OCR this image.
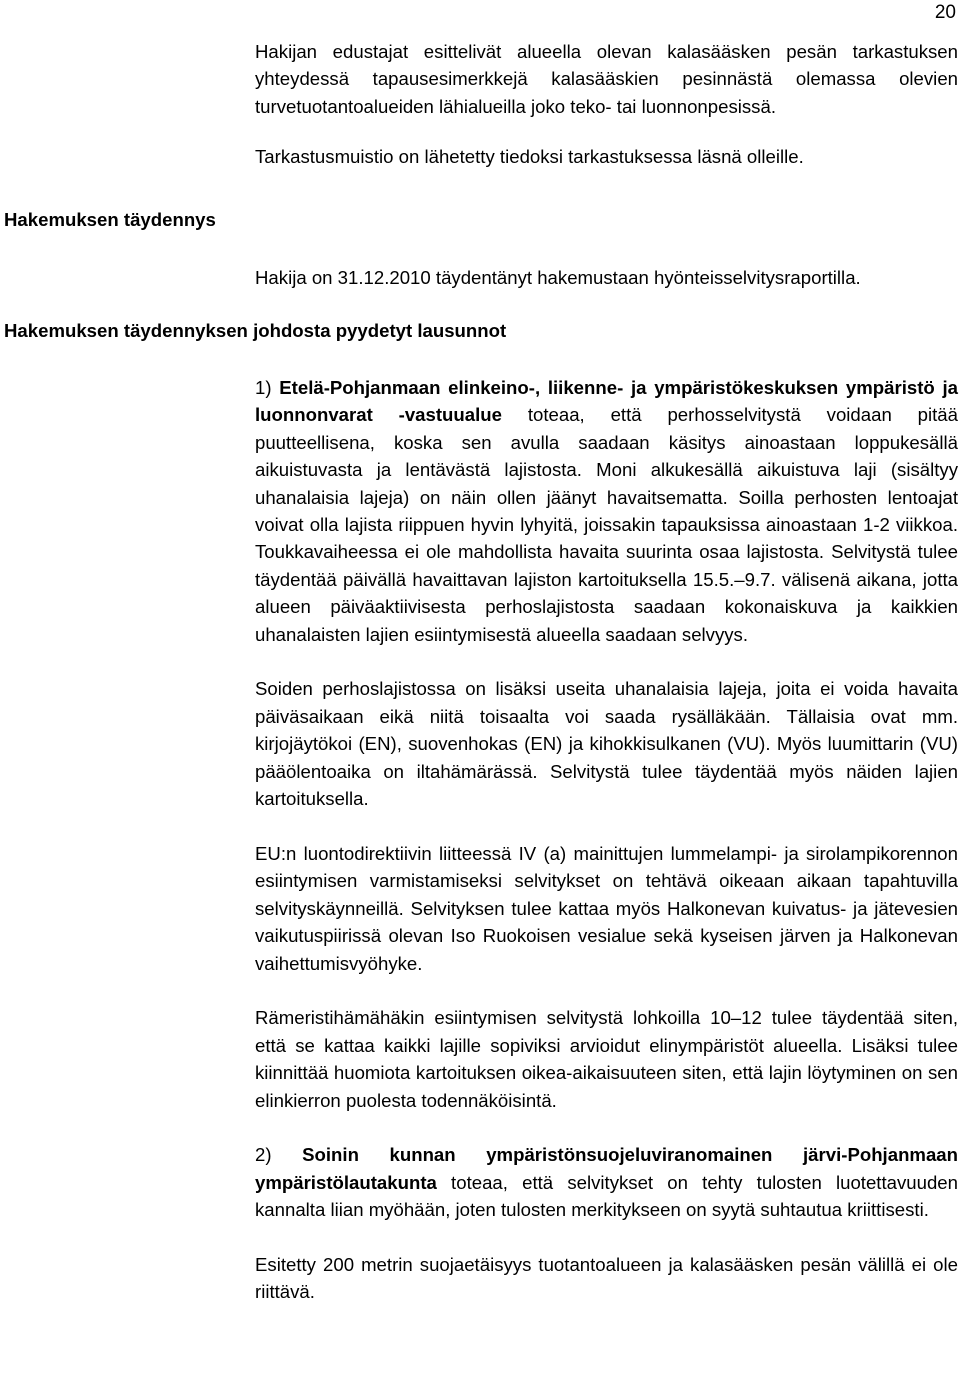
20
Hakemuksen täydennys
Hakemuksen täydennyksen johdosta pyydetyt lausunnot

Hakijan edustajat esittelivät alueella olevan kalasääsken pesän tarkastuksen yhteydessä tapausesimerkkejä kalasääskien pesinnästä olemassa olevien turvetuotantoalueiden lähialueilla joko teko- tai luonnonpesissä.

Tarkastusmuistio on lähetetty tiedoksi tarkastuksessa läsnä olleille.

Hakija on 31.12.2010 täydentänyt hakemustaan hyönteisselvitysraportilla.

1) Etelä-Pohjanmaan elinkeino-, liikenne- ja ympäristökeskuksen ympäristö ja luonnonvarat -vastuualue toteaa, että perhosselvitystä voidaan pitää puutteellisena, koska sen avulla saadaan käsitys ainoastaan loppukesällä aikuistuvasta ja lentävästä lajistosta. Moni alkukesällä aikuistuva laji (sisältyy uhanalaisia lajeja) on näin ollen jäänyt havaitsematta. Soilla perhosten lentoajat voivat olla lajista riippuen hyvin lyhyitä, joissakin tapauksissa ainoastaan 1-2 viikkoa. Toukkavaiheessa ei ole mahdollista havaita suurinta osaa lajistosta. Selvitystä tulee täydentää päivällä havaittavan lajiston kartoituksella 15.5.–9.7. välisenä aikana, jotta alueen päiväaktiivisesta perhoslajistosta saadaan kokonaiskuva ja kaikkien uhanalaisten lajien esiintymisestä alueella saadaan selvyys.

Soiden perhoslajistossa on lisäksi useita uhanalaisia lajeja, joita ei voida havaita päiväsaikaan eikä niitä toisaalta voi saada rysälläkään. Tällaisia ovat mm. kirjojäytökoi (EN), suovenhokas (EN) ja kihokkisulkanen (VU). Myös luumittarin (VU) pääölentoaika on iltahämärässä. Selvitystä tulee täydentää myös näiden lajien kartoituksella.

EU:n luontodirektiivin liitteessä IV (a) mainittujen lummelampi- ja sirolampikorennon esiintymisen varmistamiseksi selvitykset on tehtävä oikeaan aikaan tapahtuvilla selvityskäynneillä. Selvityksen tulee kattaa myös Halkonevan kuivatus- ja jätevesien vaikutuspiirissä olevan Iso Ruokoisen vesialue sekä kyseisen järven ja Halkonevan vaihettumisvyöhyke.

Rämeristihämähäkin esiintymisen selvitystä lohkoilla 10–12 tulee täydentää siten, että se kattaa kaikki lajille sopiviksi arvioidut elinympäristöt alueella. Lisäksi tulee kiinnittää huomiota kartoituksen oikea-aikaisuuteen siten, että lajin löytyminen on sen elinkierron puolesta todennäköisintä.

2) Soinin kunnan ympäristönsuojeluviranomainen järvi-Pohjanmaan ympäristölautakunta toteaa, että selvitykset on tehty tulosten luotettavuuden kannalta liian myöhään, joten tulosten merkitykseen on syytä suhtautua kriittisesti.

Esitetty 200 metrin suojaetäisyys tuotantoalueen ja kalasääsken pesän välillä ei ole riittävä.
